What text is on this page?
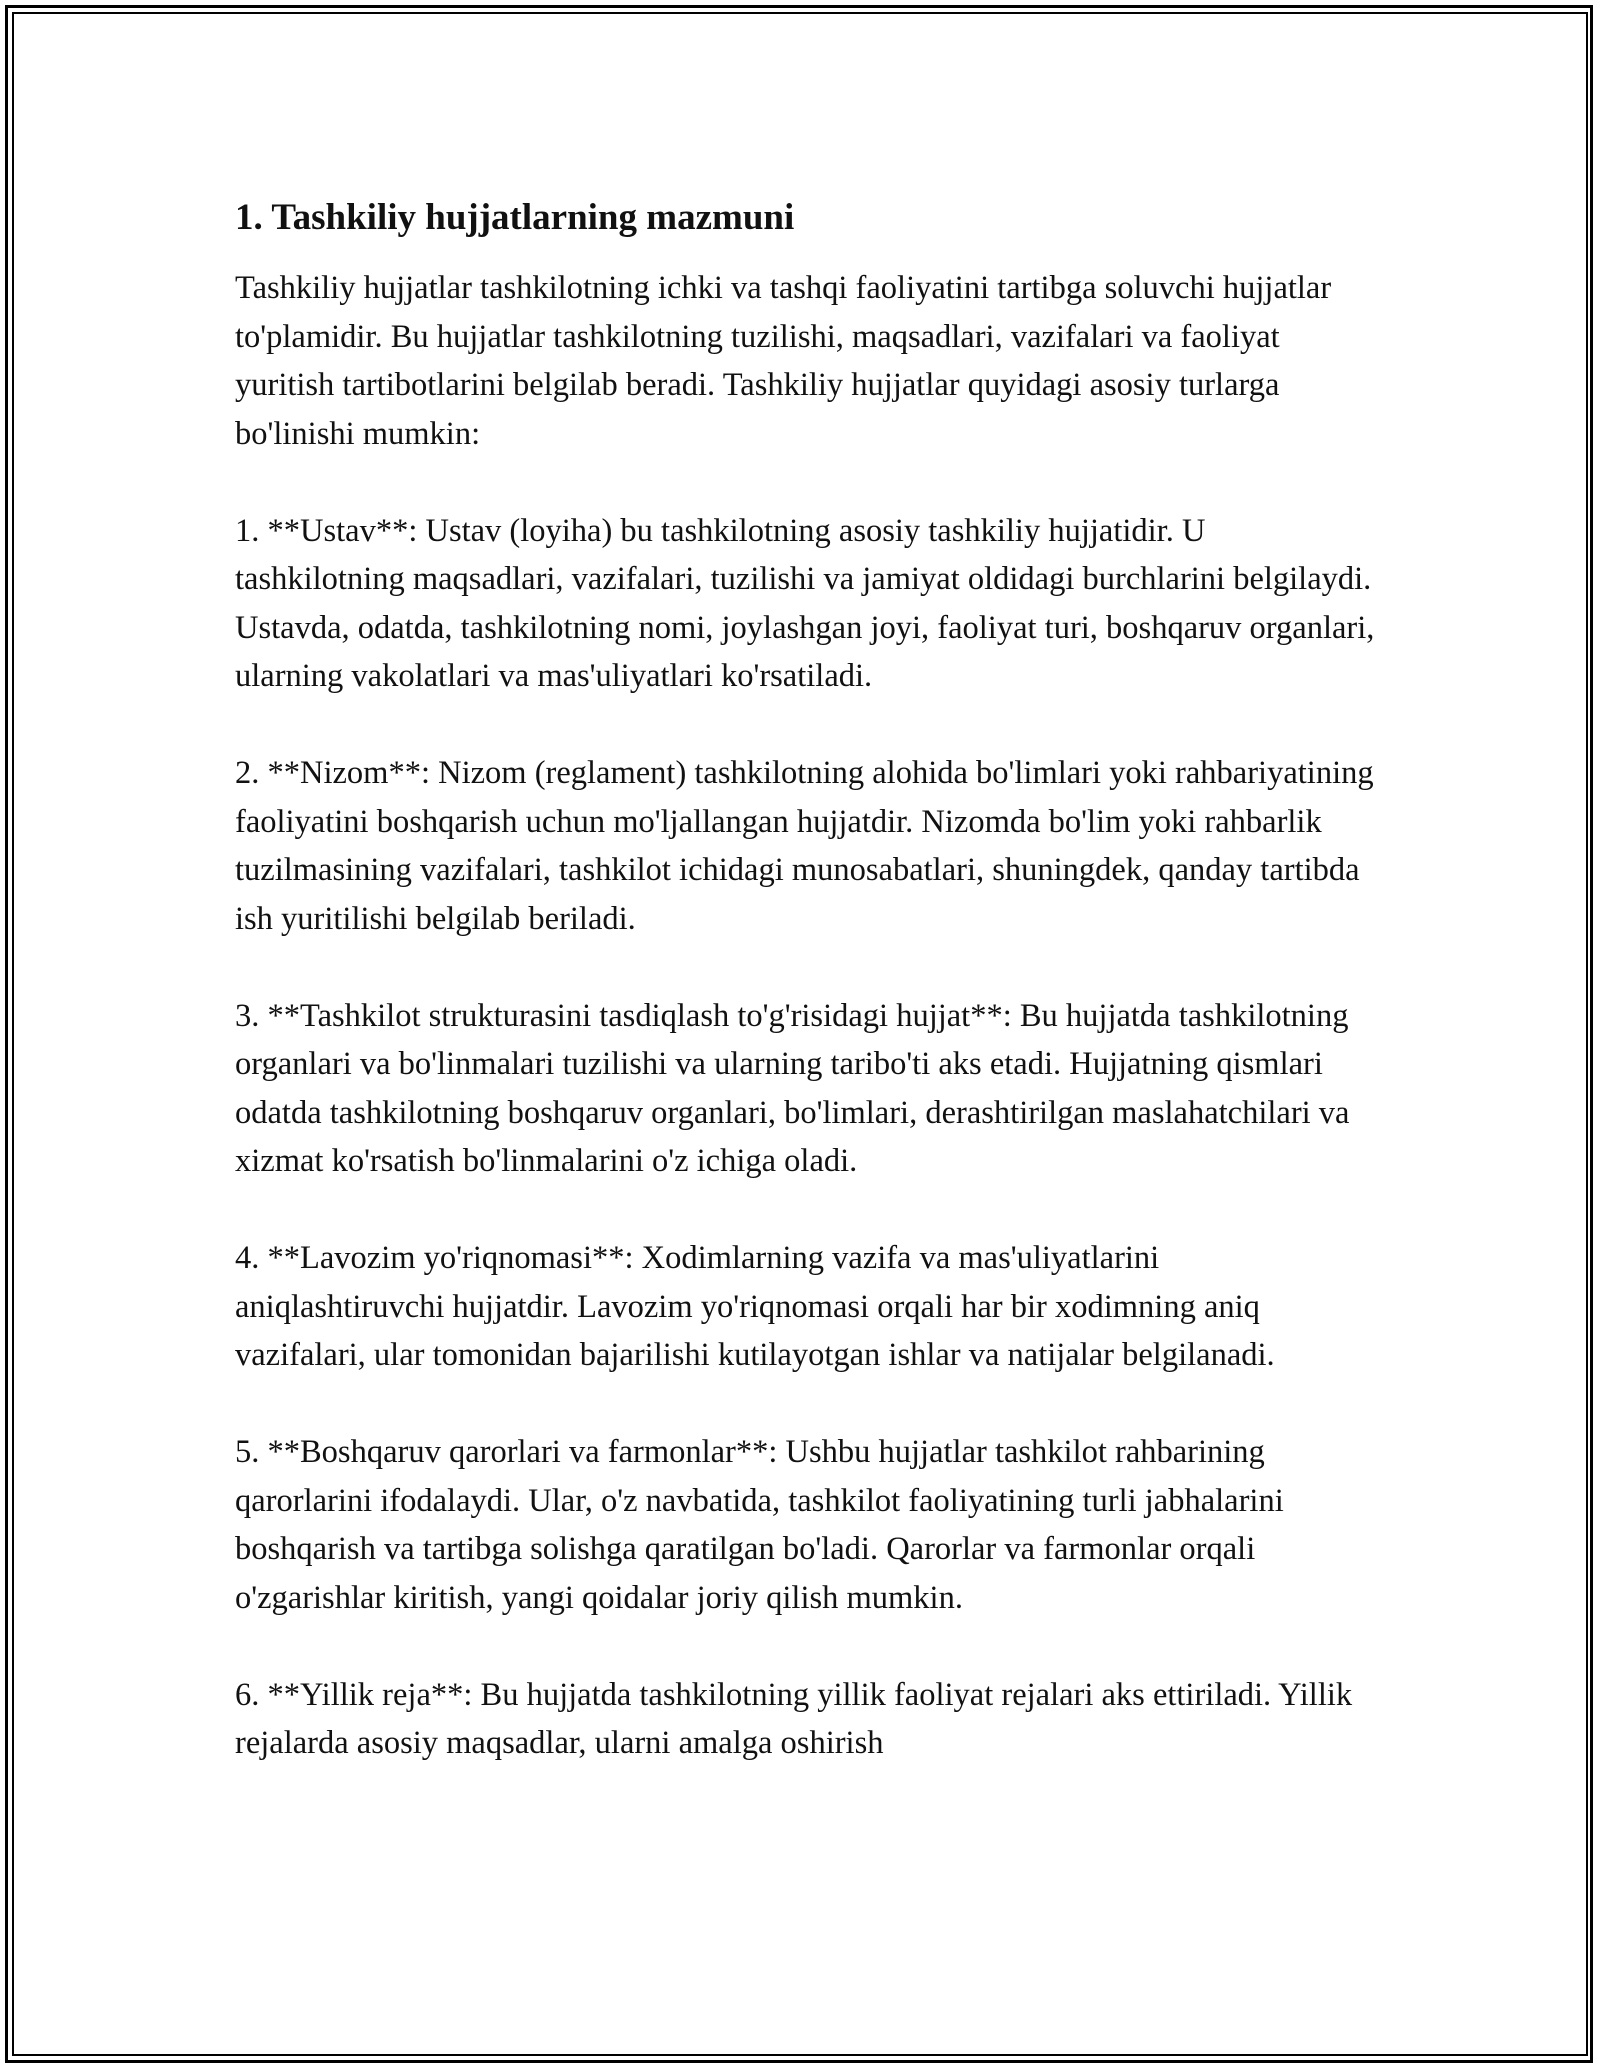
1. Tashkiliy hujjatlarning mazmuni

Tashkiliy hujjatlar tashkilotning ichki va tashqi faoliyatini tartibga soluvchi hujjatlar to'plamidir. Bu hujjatlar tashkilotning tuzilishi, maqsadlari, vazifalari va faoliyat yuritish tartibotlarini belgilab beradi. Tashkiliy hujjatlar quyidagi asosiy turlarga bo'linishi mumkin:

1. **Ustav**: Ustav (loyiha) bu tashkilotning asosiy tashkiliy hujjatidir. U tashkilotning maqsadlari, vazifalari, tuzilishi va jamiyat oldidagi burchlarini belgilaydi. Ustavda, odatda, tashkilotning nomi, joylashgan joyi, faoliyat turi, boshqaruv organlari, ularning vakolatlari va mas'uliyatlari ko'rsatiladi.

2. **Nizom**: Nizom (reglament) tashkilotning alohida bo'limlari yoki rahbariyatining faoliyatini boshqarish uchun mo'ljallangan hujjatdir. Nizomda bo'lim yoki rahbarlik tuzilmasining vazifalari, tashkilot ichidagi munosabatlari, shuningdek, qanday tartibda ish yuritilishi belgilab beriladi.

3. **Tashkilot strukturasini tasdiqlash to'g'risidagi hujjat**: Bu hujjatda tashkilotning organlari va bo'linmalari tuzilishi va ularning taribo'ti aks etadi. Hujjatning qismlari odatda tashkilotning boshqaruv organlari, bo'limlari, derashtirilgan maslahatchilari va xizmat ko'rsatish bo'linmalarini o'z ichiga oladi.

4. **Lavozim yo'riqnomasi**: Xodimlarning vazifa va mas'uliyatlarini aniqlashtiruvchi hujjatdir. Lavozim yo'riqnomasi orqali har bir xodimning aniq vazifalari, ular tomonidan bajarilishi kutilayotgan ishlar va natijalar belgilanadi.

5. **Boshqaruv qarorlari va farmonlar**: Ushbu hujjatlar tashkilot rahbarining qarorlarini ifodalaydi. Ular, o'z navbatida, tashkilot faoliyatining turli jabhalarini boshqarish va tartibga solishga qaratilgan bo'ladi. Qarorlar va farmonlar orqali o'zgarishlar kiritish, yangi qoidalar joriy qilish mumkin.

6. **Yillik reja**: Bu hujjatda tashkilotning yillik faoliyat rejalari aks ettiriladi. Yillik rejalarda asosiy maqsadlar, ularni amalga oshirish
